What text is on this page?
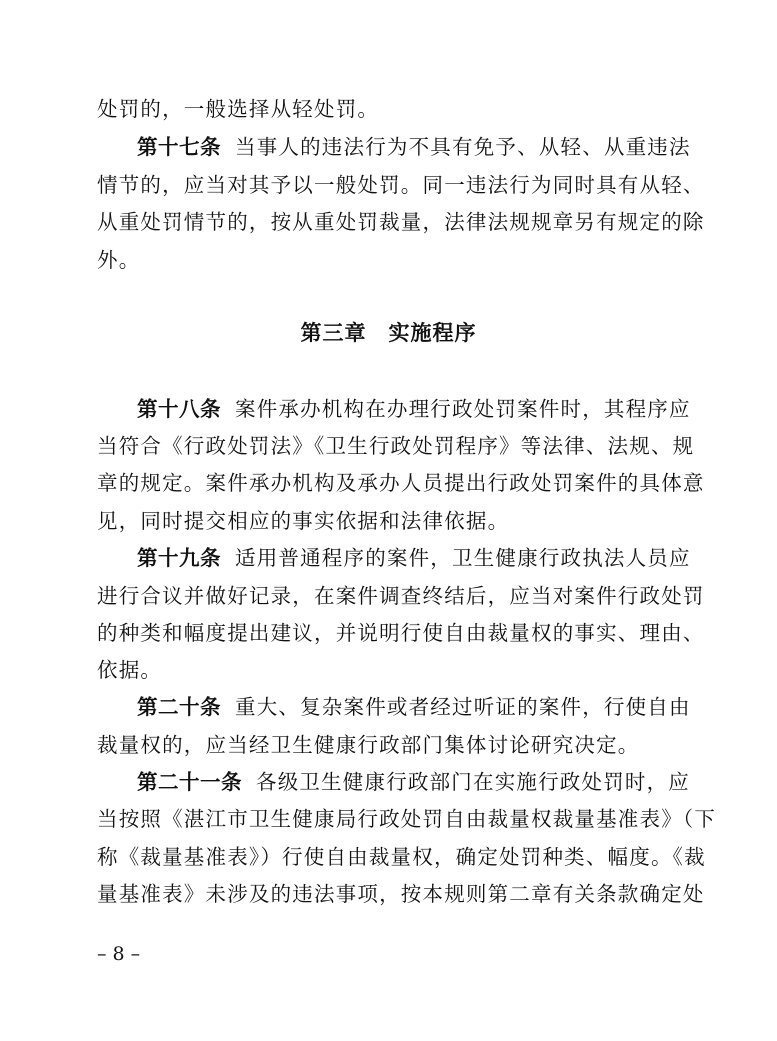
处罚的，一般选择从轻处罚。
第十七条 当事人的违法行为不具有免予、从轻、从重违法
情节的，应当对其予以一般处罚。同一违法行为同时具有从轻、
从重处罚情节的，按从重处罚裁量，法律法规规章另有规定的除
外。
第三章　实施程序
第十八条 案件承办机构在办理行政处罚案件时，其程序应
当符合《行政处罚法》《卫生行政处罚程序》等法律、法规、规
章的规定。案件承办机构及承办人员提出行政处罚案件的具体意
见，同时提交相应的事实依据和法律依据。
第十九条 适用普通程序的案件，卫生健康行政执法人员应
进行合议并做好记录，在案件调查终结后，应当对案件行政处罚
的种类和幅度提出建议，并说明行使自由裁量权的事实、理由、
依据。
第二十条 重大、复杂案件或者经过听证的案件，行使自由
裁量权的，应当经卫生健康行政部门集体讨论研究决定。
第二十一条 各级卫生健康行政部门在实施行政处罚时，应
当按照《湛江市卫生健康局行政处罚自由裁量权裁量基准表》（下
称《裁量基准表》）行使自由裁量权，确定处罚种类、幅度。《裁
量基准表》未涉及的违法事项，按本规则第二章有关条款确定处
– 8 –
